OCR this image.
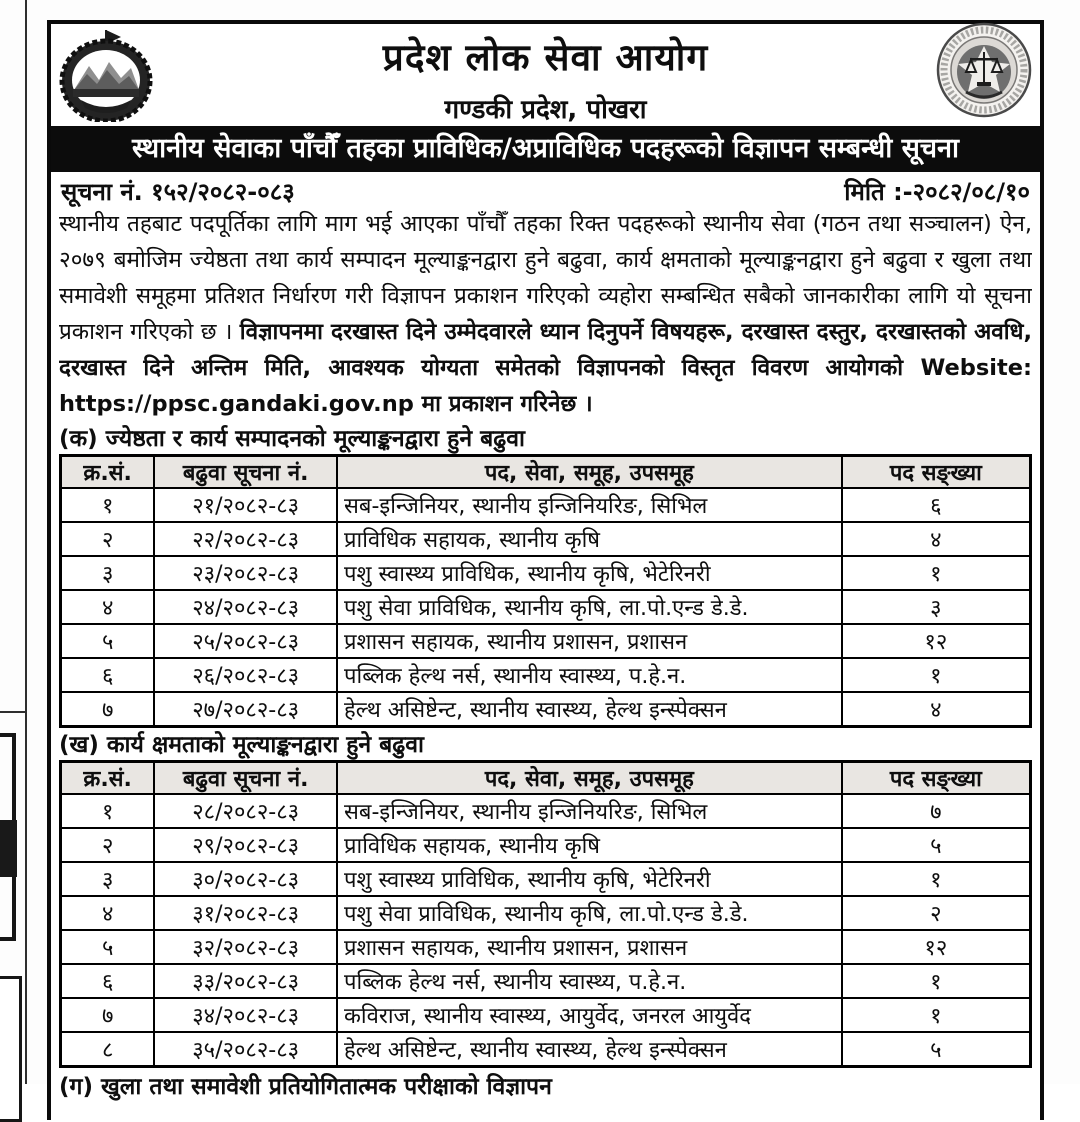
प्रदेश लोक सेवा आयोग
गण्डकी प्रदेश, पोखरा
स्थानीय सेवाका पाँचौँ तहका प्राविधिक/अप्राविधिक पदहरूको विज्ञापन सम्बन्धी सूचना
सूचना नं. १५२/२०८२-०८३	मिति :-२०८२/०८/१०

स्थानीय तहबाट पदपूर्तिका लागि माग भई आएका पाँचौँ तहका रिक्त पदहरूको स्थानीय सेवा (गठन तथा सञ्चालन) ऐन, २०७९ बमोजिम ज्येष्ठता तथा कार्य सम्पादन मूल्याङ्कनद्वारा हुने बढुवा, कार्य क्षमताको मूल्याङ्कनद्वारा हुने बढुवा र खुला तथा समावेशी समूहमा प्रतिशत निर्धारण गरी विज्ञापन प्रकाशन गरिएको व्यहोरा सम्बन्धित सबैको जानकारीका लागि यो सूचना प्रकाशन गरिएको छ । विज्ञापनमा दरखास्त दिने उम्मेदवारले ध्यान दिनुपर्ने विषयहरू, दरखास्त दस्तुर, दरखास्तको अवधि, दरखास्त दिने अन्तिम मिति, आवश्यक योग्यता समेतको विज्ञापनको विस्तृत विवरण आयोगको Website: https://ppsc.gandaki.gov.np मा प्रकाशन गरिनेछ ।

(क) ज्येष्ठता र कार्य सम्पादनको मूल्याङ्कनद्वारा हुने बढुवा
क्र.सं.	बढुवा सूचना नं.	पद, सेवा, समूह, उपसमूह	पद सङ्ख्या
१	२१/२०८२-८३	सब-इन्जिनियर, स्थानीय इन्जिनियरिङ, सिभिल	६
२	२२/२०८२-८३	प्राविधिक सहायक, स्थानीय कृषि	४
३	२३/२०८२-८३	पशु स्वास्थ्य प्राविधिक, स्थानीय कृषि, भेटेरिनरी	१
४	२४/२०८२-८३	पशु सेवा प्राविधिक, स्थानीय कृषि, ला.पो.एन्ड डे.डे.	३
५	२५/२०८२-८३	प्रशासन सहायक, स्थानीय प्रशासन, प्रशासन	१२
६	२६/२०८२-८३	पब्लिक हेल्थ नर्स, स्थानीय स्वास्थ्य, प.हे.न.	१
७	२७/२०८२-८३	हेल्थ असिष्टेन्ट, स्थानीय स्वास्थ्य, हेल्थ इन्स्पेक्सन	४
(ख) कार्य क्षमताको मूल्याङ्कनद्वारा हुने बढुवा
क्र.सं.	बढुवा सूचना नं.	पद, सेवा, समूह, उपसमूह	पद सङ्ख्या
१	२८/२०८२-८३	सब-इन्जिनियर, स्थानीय इन्जिनियरिङ, सिभिल	७
२	२९/२०८२-८३	प्राविधिक सहायक, स्थानीय कृषि	५
३	३०/२०८२-८३	पशु स्वास्थ्य प्राविधिक, स्थानीय कृषि, भेटेरिनरी	१
४	३१/२०८२-८३	पशु सेवा प्राविधिक, स्थानीय कृषि, ला.पो.एन्ड डे.डे.	२
५	३२/२०८२-८३	प्रशासन सहायक, स्थानीय प्रशासन, प्रशासन	१२
६	३३/२०८२-८३	पब्लिक हेल्थ नर्स, स्थानीय स्वास्थ्य, प.हे.न.	१
७	३४/२०८२-८३	कविराज, स्थानीय स्वास्थ्य, आयुर्वेद, जनरल आयुर्वेद	१
८	३५/२०८२-८३	हेल्थ असिष्टेन्ट, स्थानीय स्वास्थ्य, हेल्थ इन्स्पेक्सन	५
(ग) खुला तथा समावेशी प्रतियोगितात्मक परीक्षाको विज्ञापन
